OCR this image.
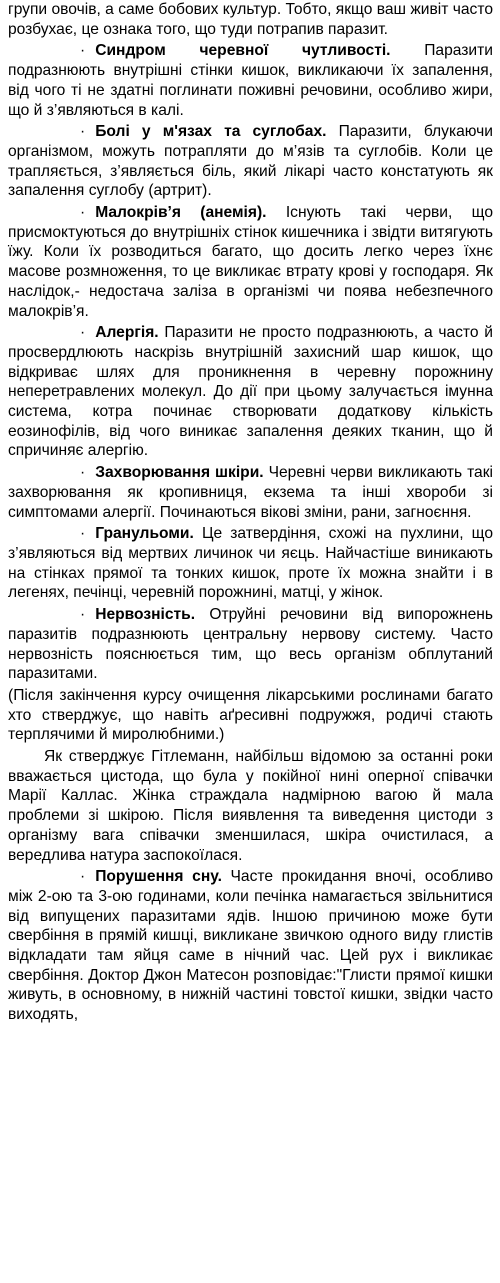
групи овочів, а саме бобових культур. Тобто, якщо ваш живіт часто розбухає, це ознака того, що туди потрапив паразит.

· Синдром черевної чутливості. Паразити подразнюють внутрішні стінки кишок, викликаючи їх запалення, від чого ті не здатні поглинати поживні речовини, особливо жири, що й з’являються в калі.

· Болі у м'язах та суглобах. Паразити, блукаючи організмом, можуть потрапляти до м’язів та суглобів. Коли це трапляється, з’являється біль, який лікарі часто констатують як запалення суглобу (артрит).

· Малокрів’я (анемія). Існують такі черви, що присмоктуються до внутрішніх стінок кишечника і звідти витягують їжу. Коли їх розводиться багато, що досить легко через їхнє масове розмноження, то це викликає втрату крові у господаря. Як наслідок,- недостача заліза в організмі чи поява небезпечного малокрів’я.

· Алергія. Паразити не просто подразнюють, а часто й просвердлюють наскрізь внутрішній захисний шар кишок, що відкриває шлях для проникнення в черевну порожнину неперетравлених молекул. До дії при цьому залучається імунна система, котра починає створювати додаткову кількість еозинофілів, від чого виникає запалення деяких тканин, що й спричиняє алергію.

· Захворювання шкіри. Черевні черви викликають такі захворювання як кропивниця, екзема та інші хвороби зі симптомами алергії. Починаються вікові зміни, рани, загноєння.

· Гранульоми. Це затвердіння, схожі на пухлини, що з’являються від мертвих личинок чи яєць. Найчастіше виникають на стінках прямої та тонких кишок, проте їх можна знайти і в легенях, печінці, черевній порожнині, матці, у жінок.

· Нервозність. Отруйні речовини від випорожнень паразитів подразнюють центральну нервову систему. Часто нервозність пояснюється тим, що весь організм обплутаний паразитами.

(Після закінчення курсу очищення лікарськими рослинами багато хто стверджує, що навіть аґресивні подружжя, родичі стають терплячими й миролюбними.)

Як стверджує Гітлеманн, найбільш відомою за останні роки вважається цистода, що була у покійної нині оперної співачки Марії Каллас. Жінка страждала надмірною вагою й мала проблеми зі шкірою. Після виявлення та виведення цистоди з організму вага співачки зменшилася, шкіра очистилася, а вередлива натура заспокоїлася.

· Порушення сну. Часте прокидання вночі, особливо між 2-ою та 3-ою годинами, коли печінка намагається звільнитися від випущених паразитами ядів. Іншою причиною може бути свербіння в прямій кишці, викликане звичкою одного виду глистів відкладати там яйця саме в нічний час. Цей рух і викликає свербіння. Доктор Джон Матесон розповідає:"Глисти прямої кишки живуть, в основному, в нижній частині товстої кишки, звідки часто виходять,
